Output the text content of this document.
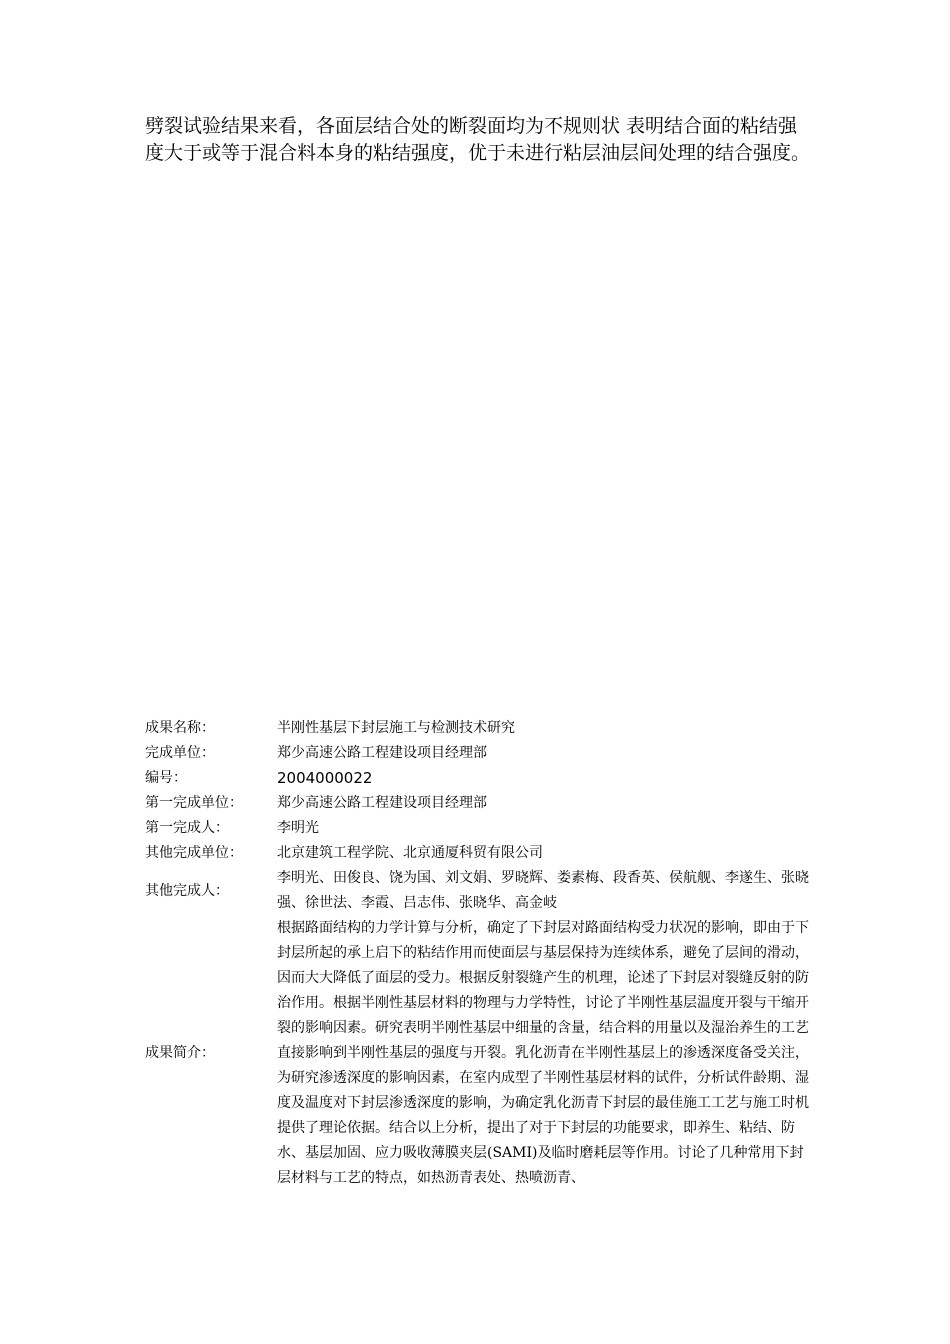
劈裂试验结果来看，各面层结合处的断裂面均为不规则状 表明结合面的粘结强度大于或等于混合料本身的粘结强度，优于未进行粘层油层间处理的结合强度。

成果名称：	半刚性基层下封层施工与检测技术研究
完成单位：	郑少高速公路工程建设项目经理部
编号：	2004000022
第一完成单位：	郑少高速公路工程建设项目经理部
第一完成人：	李明光
其他完成单位：	北京建筑工程学院、北京通厦科贸有限公司
其他完成人：	李明光、田俊良、饶为国、刘文娟、罗晓辉、娄素梅、段香英、侯航舰、李遂生、张晓强、徐世法、李霞、吕志伟、张晓华、高金岐
成果简介：	根据路面结构的力学计算与分析，确定了下封层对路面结构受力状况的影响，即由于下封层所起的承上启下的粘结作用而使面层与基层保持为连续体系，避免了层间的滑动，因而大大降低了面层的受力。根据反射裂缝产生的机理，论述了下封层对裂缝反射的防治作用。根据半刚性基层材料的物理与力学特性，讨论了半刚性基层温度开裂与干缩开裂的影响因素。研究表明半刚性基层中细量的含量，结合料的用量以及湿治养生的工艺直接影响到半刚性基层的强度与开裂。乳化沥青在半刚性基层上的渗透深度备受关注，为研究渗透深度的影响因素，在室内成型了半刚性基层材料的试件，分析试件龄期、湿度及温度对下封层渗透深度的影响，为确定乳化沥青下封层的最佳施工工艺与施工时机提供了理论依据。结合以上分析，提出了对于下封层的功能要求，即养生、粘结、防水、基层加固、应力吸收薄膜夹层(SAMI)及临时磨耗层等作用。讨论了几种常用下封层材料与工艺的特点，如热沥青表处、热喷沥青、
